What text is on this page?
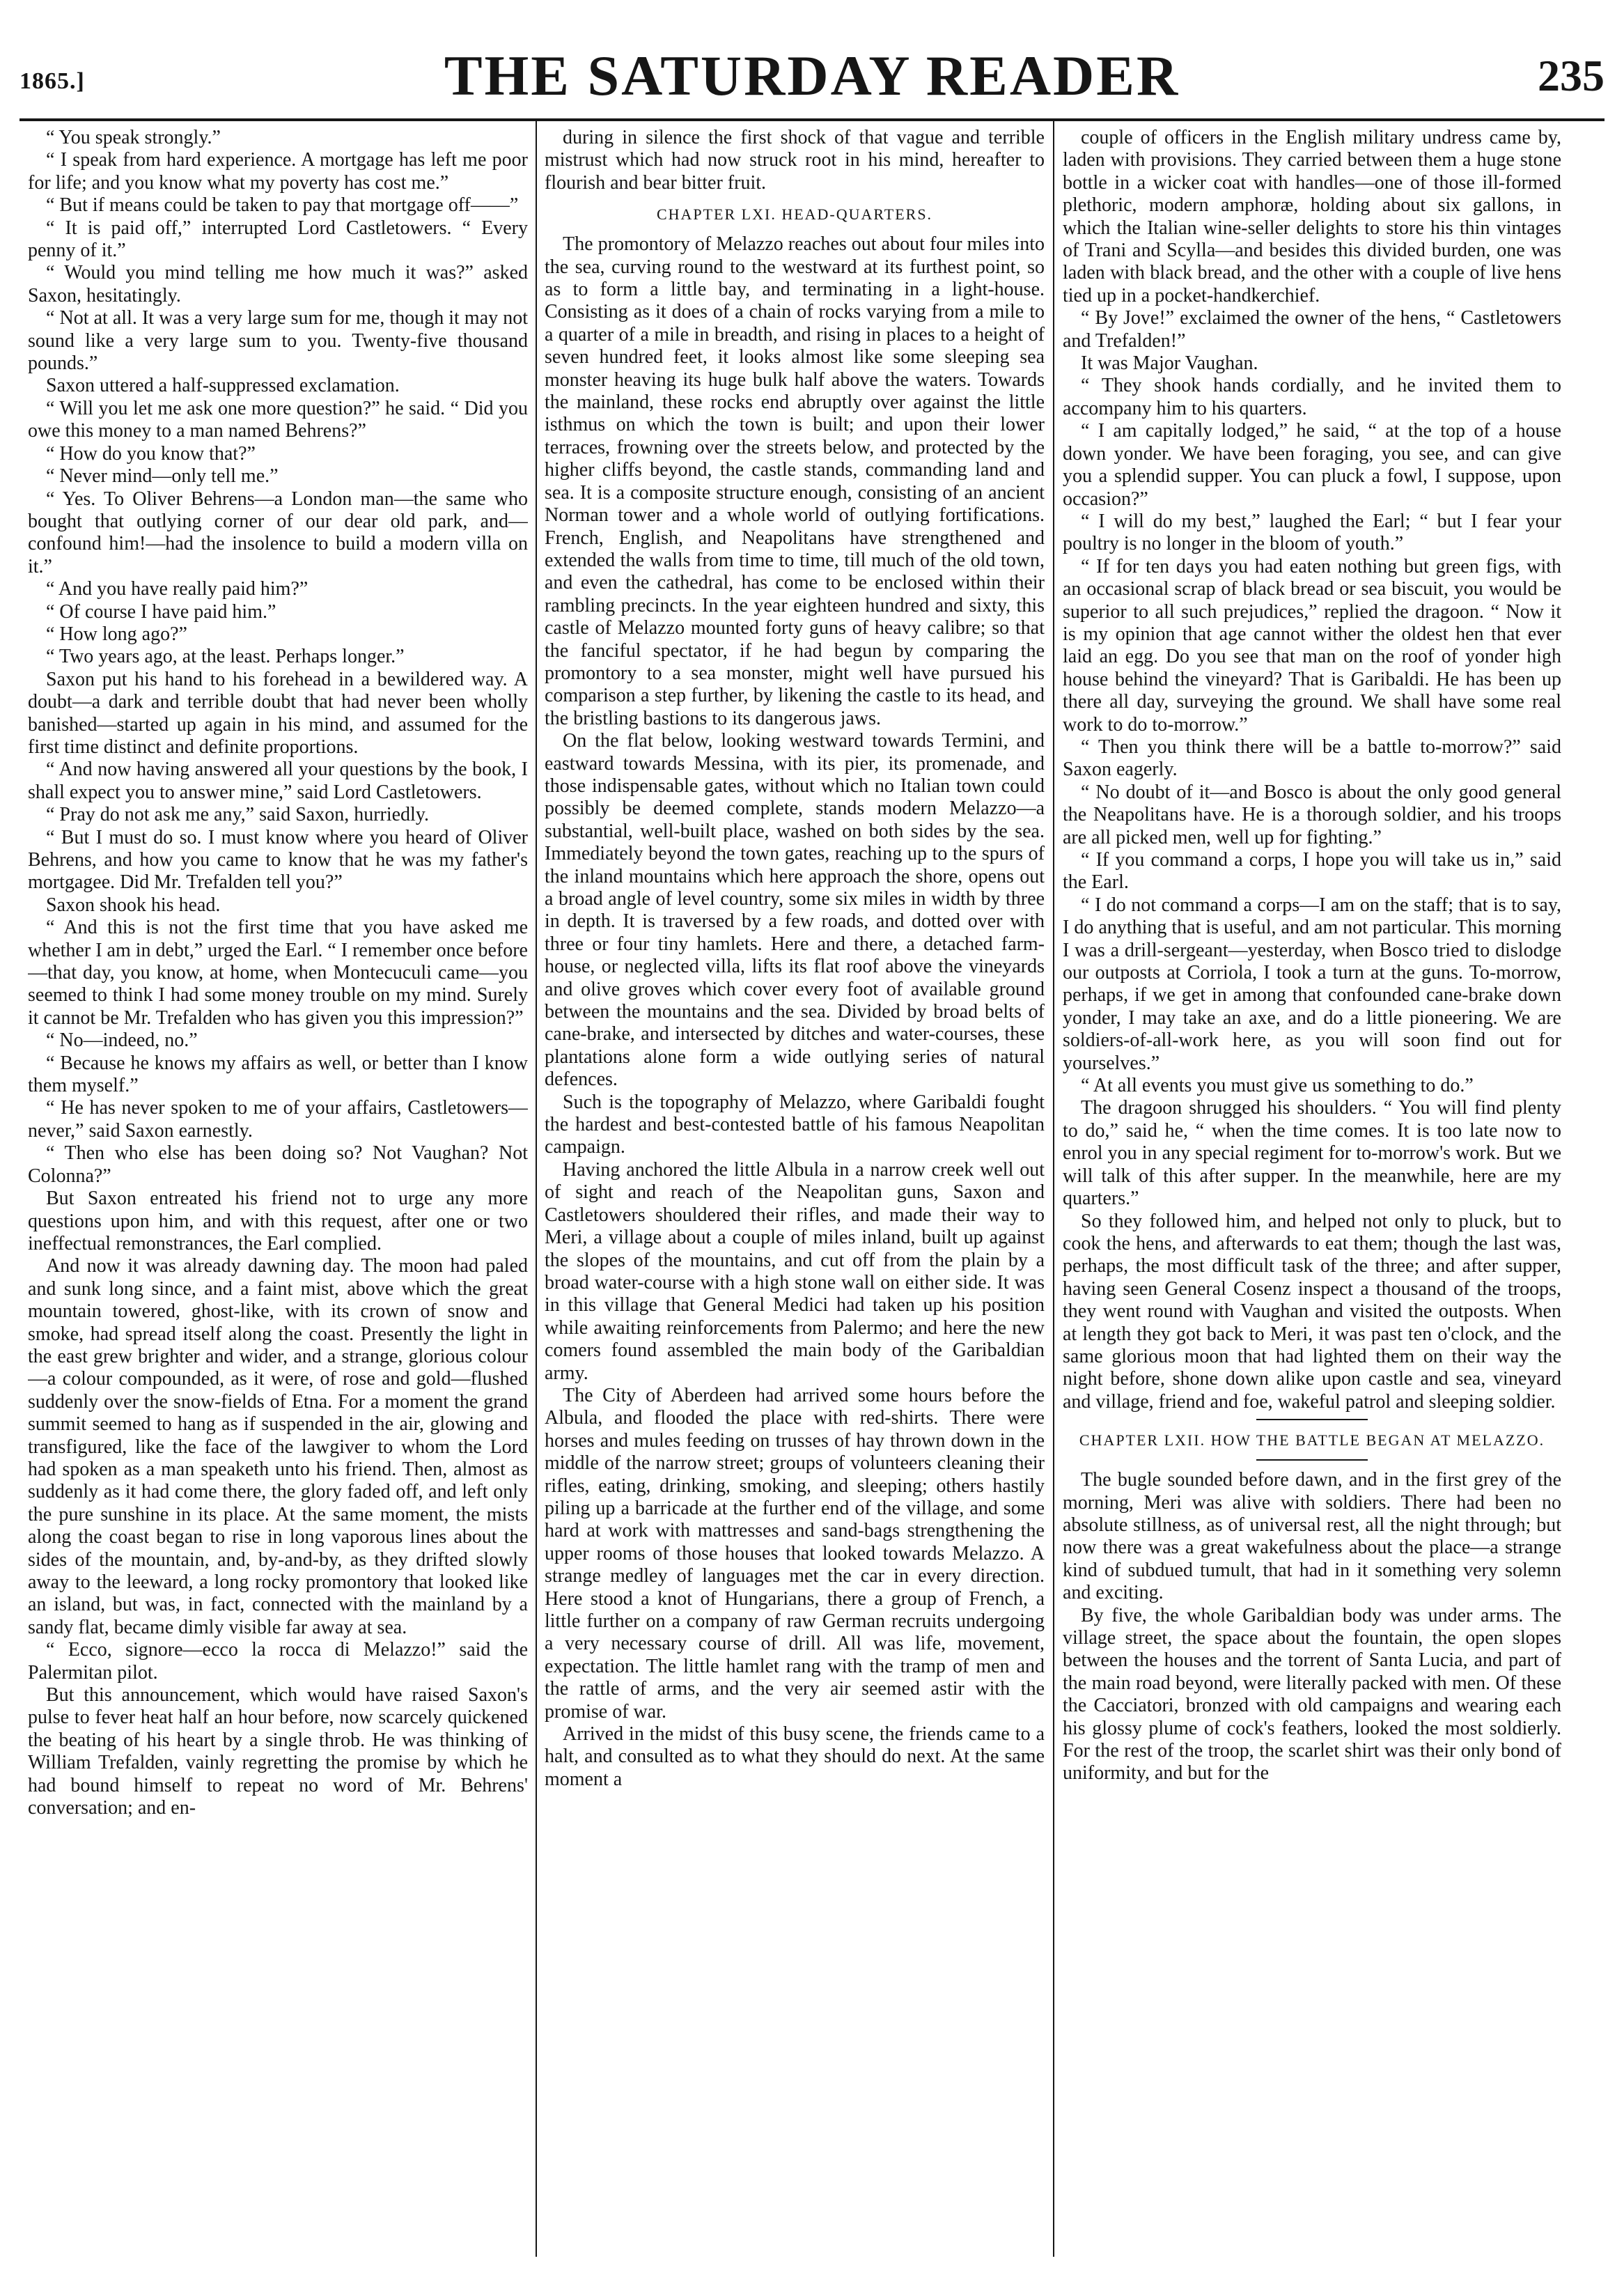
1865.]	THE SATURDAY READER	235

“ You speak strongly.”

“ I speak from hard experience. A mortgage has left me poor for life; and you know what my poverty has cost me.”

“ But if means could be taken to pay that mortgage off——”

“ It is paid off,” interrupted Lord Castletowers. “ Every penny of it.”

“ Would you mind telling me how much it was?” asked Saxon, hesitatingly.

“ Not at all. It was a very large sum for me, though it may not sound like a very large sum to you. Twenty-five thousand pounds.”

Saxon uttered a half-suppressed exclamation.

“ Will you let me ask one more question?” he said. “ Did you owe this money to a man named Behrens?”

“ How do you know that?”

“ Never mind—only tell me.”

“ Yes. To Oliver Behrens—a London man—the same who bought that outlying corner of our dear old park, and—confound him!—had the insolence to build a modern villa on it.”

“ And you have really paid him?”

“ Of course I have paid him.”

“ How long ago?”

“ Two years ago, at the least. Perhaps longer.”

Saxon put his hand to his forehead in a bewildered way. A doubt—a dark and terrible doubt that had never been wholly banished—started up again in his mind, and assumed for the first time distinct and definite proportions.

“ And now having answered all your questions by the book, I shall expect you to answer mine,” said Lord Castletowers.

“ Pray do not ask me any,” said Saxon, hurriedly.

“ But I must do so. I must know where you heard of Oliver Behrens, and how you came to know that he was my father's mortgagee. Did Mr. Trefalden tell you?”

Saxon shook his head.

“ And this is not the first time that you have asked me whether I am in debt,” urged the Earl. “ I remember once before—that day, you know, at home, when Montecuculi came—you seemed to think I had some money trouble on my mind. Surely it cannot be Mr. Trefalden who has given you this impression?”

“ No—indeed, no.”

“ Because he knows my affairs as well, or better than I know them myself.”

“ He has never spoken to me of your affairs, Castletowers—never,” said Saxon earnestly.

“ Then who else has been doing so? Not Vaughan? Not Colonna?”

But Saxon entreated his friend not to urge any more questions upon him, and with this request, after one or two ineffectual remonstrances, the Earl complied.

And now it was already dawning day. The moon had paled and sunk long since, and a faint mist, above which the great mountain towered, ghost-like, with its crown of snow and smoke, had spread itself along the coast. Presently the light in the east grew brighter and wider, and a strange, glorious colour—a colour compounded, as it were, of rose and gold—flushed suddenly over the snow-fields of Etna. For a moment the grand summit seemed to hang as if suspended in the air, glowing and transfigured, like the face of the lawgiver to whom the Lord had spoken as a man speaketh unto his friend. Then, almost as suddenly as it had come there, the glory faded off, and left only the pure sunshine in its place. At the same moment, the mists along the coast began to rise in long vaporous lines about the sides of the mountain, and, by-and-by, as they drifted slowly away to the leeward, a long rocky promontory that looked like an island, but was, in fact, connected with the mainland by a sandy flat, became dimly visible far away at sea.

“ Ecco, signore—ecco la rocca di Melazzo!” said the Palermitan pilot.

But this announcement, which would have raised Saxon's pulse to fever heat half an hour before, now scarcely quickened the beating of his heart by a single throb. He was thinking of William Trefalden, vainly regretting the promise by which he had bound himself to repeat no word of Mr. Behrens' conversation; and en-

during in silence the first shock of that vague and terrible mistrust which had now struck root in his mind, hereafter to flourish and bear bitter fruit.

CHAPTER LXI. HEAD-QUARTERS.

The promontory of Melazzo reaches out about four miles into the sea, curving round to the westward at its furthest point, so as to form a little bay, and terminating in a light-house. Consisting as it does of a chain of rocks varying from a mile to a quarter of a mile in breadth, and rising in places to a height of seven hundred feet, it looks almost like some sleeping sea monster heaving its huge bulk half above the waters. Towards the mainland, these rocks end abruptly over against the little isthmus on which the town is built; and upon their lower terraces, frowning over the streets below, and protected by the higher cliffs beyond, the castle stands, commanding land and sea. It is a composite structure enough, consisting of an ancient Norman tower and a whole world of outlying fortifications. French, English, and Neapolitans have strengthened and extended the walls from time to time, till much of the old town, and even the cathedral, has come to be enclosed within their rambling precincts. In the year eighteen hundred and sixty, this castle of Melazzo mounted forty guns of heavy calibre; so that the fanciful spectator, if he had begun by comparing the promontory to a sea monster, might well have pursued his comparison a step further, by likening the castle to its head, and the bristling bastions to its dangerous jaws.

On the flat below, looking westward towards Termini, and eastward towards Messina, with its pier, its promenade, and those indispensable gates, without which no Italian town could possibly be deemed complete, stands modern Melazzo—a substantial, well-built place, washed on both sides by the sea. Immediately beyond the town gates, reaching up to the spurs of the inland mountains which here approach the shore, opens out a broad angle of level country, some six miles in width by three in depth. It is traversed by a few roads, and dotted over with three or four tiny hamlets. Here and there, a detached farm-house, or neglected villa, lifts its flat roof above the vineyards and olive groves which cover every foot of available ground between the mountains and the sea. Divided by broad belts of cane-brake, and intersected by ditches and water-courses, these plantations alone form a wide outlying series of natural defences.

Such is the topography of Melazzo, where Garibaldi fought the hardest and best-contested battle of his famous Neapolitan campaign.

Having anchored the little Albula in a narrow creek well out of sight and reach of the Neapolitan guns, Saxon and Castletowers shouldered their rifles, and made their way to Meri, a village about a couple of miles inland, built up against the slopes of the mountains, and cut off from the plain by a broad water-course with a high stone wall on either side. It was in this village that General Medici had taken up his position while awaiting reinforcements from Palermo; and here the new comers found assembled the main body of the Garibaldian army.

The City of Aberdeen had arrived some hours before the Albula, and flooded the place with red-shirts. There were horses and mules feeding on trusses of hay thrown down in the middle of the narrow street; groups of volunteers cleaning their rifles, eating, drinking, smoking, and sleeping; others hastily piling up a barricade at the further end of the village, and some hard at work with mattresses and sand-bags strengthening the upper rooms of those houses that looked towards Melazzo. A strange medley of languages met the car in every direction. Here stood a knot of Hungarians, there a group of French, a little further on a company of raw German recruits undergoing a very necessary course of drill. All was life, movement, expectation. The little hamlet rang with the tramp of men and the rattle of arms, and the very air seemed astir with the promise of war.

Arrived in the midst of this busy scene, the friends came to a halt, and consulted as to what they should do next. At the same moment a

couple of officers in the English military undress came by, laden with provisions. They carried between them a huge stone bottle in a wicker coat with handles—one of those ill-formed plethoric, modern amphoræ, holding about six gallons, in which the Italian wine-seller delights to store his thin vintages of Trani and Scylla—and besides this divided burden, one was laden with black bread, and the other with a couple of live hens tied up in a pocket-handkerchief.

“ By Jove!” exclaimed the owner of the hens, “ Castletowers and Trefalden!”

It was Major Vaughan.

“ They shook hands cordially, and he invited them to accompany him to his quarters.

“ I am capitally lodged,” he said, “ at the top of a house down yonder. We have been foraging, you see, and can give you a splendid supper. You can pluck a fowl, I suppose, upon occasion?”

“ I will do my best,” laughed the Earl; “ but I fear your poultry is no longer in the bloom of youth.”

“ If for ten days you had eaten nothing but green figs, with an occasional scrap of black bread or sea biscuit, you would be superior to all such prejudices,” replied the dragoon. “ Now it is my opinion that age cannot wither the oldest hen that ever laid an egg. Do you see that man on the roof of yonder high house behind the vineyard? That is Garibaldi. He has been up there all day, surveying the ground. We shall have some real work to do to-morrow.”

“ Then you think there will be a battle to-morrow?” said Saxon eagerly.

“ No doubt of it—and Bosco is about the only good general the Neapolitans have. He is a thorough soldier, and his troops are all picked men, well up for fighting.”

“ If you command a corps, I hope you will take us in,” said the Earl.

“ I do not command a corps—I am on the staff; that is to say, I do anything that is useful, and am not particular. This morning I was a drill-sergeant—yesterday, when Bosco tried to dislodge our outposts at Corriola, I took a turn at the guns. To-morrow, perhaps, if we get in among that confounded cane-brake down yonder, I may take an axe, and do a little pioneering. We are soldiers-of-all-work here, as you will soon find out for yourselves.”

“ At all events you must give us something to do.”

The dragoon shrugged his shoulders. “ You will find plenty to do,” said he, “ when the time comes. It is too late now to enrol you in any special regiment for to-morrow's work. But we will talk of this after supper. In the meanwhile, here are my quarters.”

So they followed him, and helped not only to pluck, but to cook the hens, and afterwards to eat them; though the last was, perhaps, the most difficult task of the three; and after supper, having seen General Cosenz inspect a thousand of the troops, they went round with Vaughan and visited the outposts. When at length they got back to Meri, it was past ten o'clock, and the same glorious moon that had lighted them on their way the night before, shone down alike upon castle and sea, vineyard and village, friend and foe, wakeful patrol and sleeping soldier.

CHAPTER LXII. HOW THE BATTLE BEGAN AT MELAZZO.

The bugle sounded before dawn, and in the first grey of the morning, Meri was alive with soldiers. There had been no absolute stillness, as of universal rest, all the night through; but now there was a great wakefulness about the place—a strange kind of subdued tumult, that had in it something very solemn and exciting.

By five, the whole Garibaldian body was under arms. The village street, the space about the fountain, the open slopes between the houses and the torrent of Santa Lucia, and part of the main road beyond, were literally packed with men. Of these the Cacciatori, bronzed with old campaigns and wearing each his glossy plume of cock's feathers, looked the most soldierly. For the rest of the troop, the scarlet shirt was their only bond of uniformity, and but for the
